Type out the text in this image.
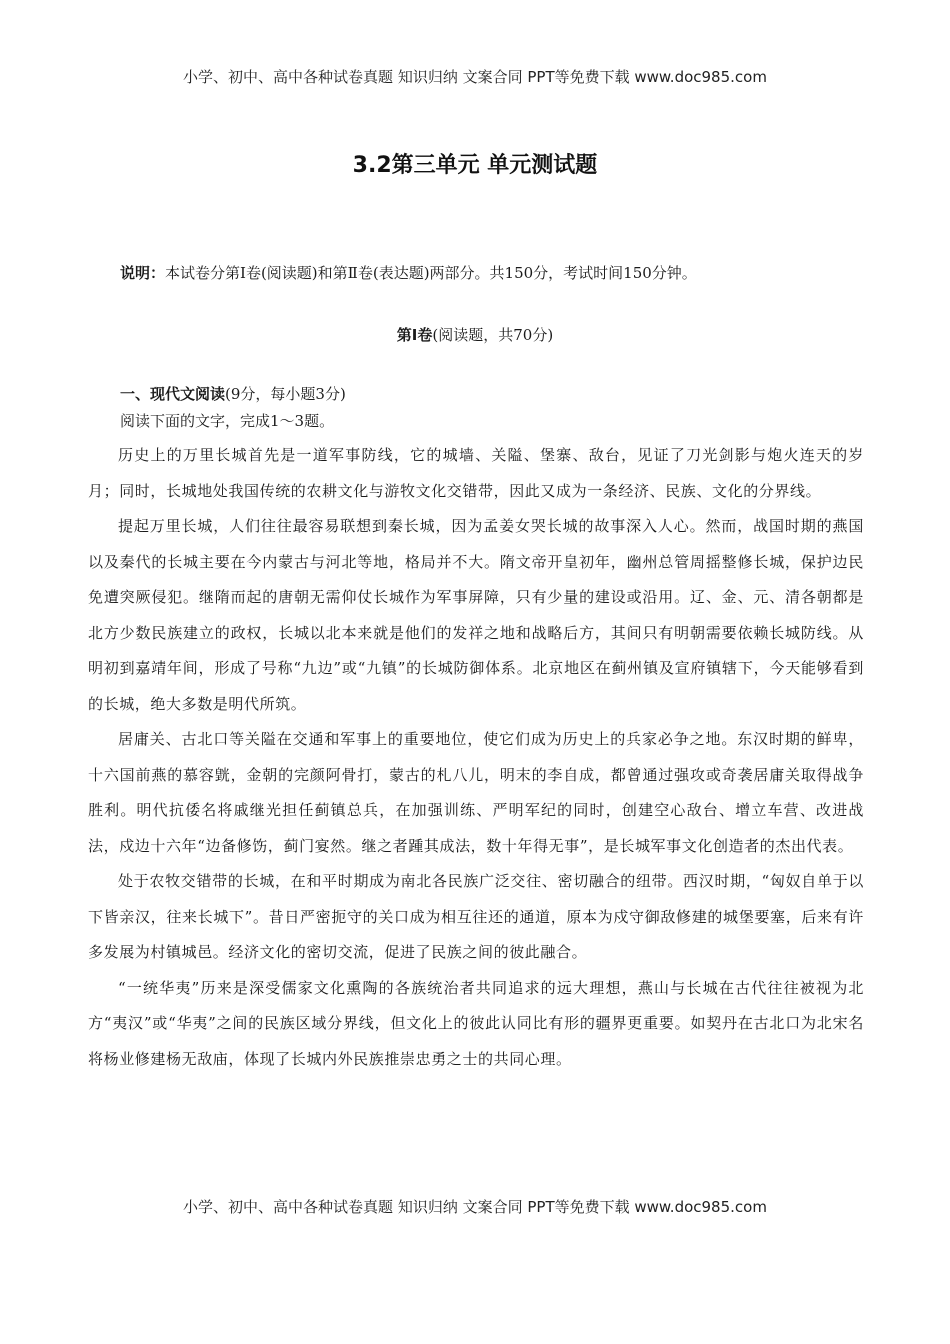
小学、初中、高中各种试卷真题 知识归纳 文案合同 PPT等免费下载 www.doc985.com
3.2第三单元 单元测试题
说明：本试卷分第Ⅰ卷(阅读题)和第Ⅱ卷(表达题)两部分。共150分，考试时间150分钟。
第Ⅰ卷(阅读题，共70分)
一、现代文阅读(9分，每小题3分)
阅读下面的文字，完成1～3题。

历史上的万里长城首先是一道军事防线，它的城墙、关隘、堡寨、敌台，见证了刀光剑影与炮火连天的岁月；同时，长城地处我国传统的农耕文化与游牧文化交错带，因此又成为一条经济、民族、文化的分界线。

提起万里长城，人们往往最容易联想到秦长城，因为孟姜女哭长城的故事深入人心。然而，战国时期的燕国以及秦代的长城主要在今内蒙古与河北等地，格局并不大。隋文帝开皇初年，幽州总管周摇整修长城，保护边民免遭突厥侵犯。继隋而起的唐朝无需仰仗长城作为军事屏障，只有少量的建设或沿用。辽、金、元、清各朝都是北方少数民族建立的政权，长城以北本来就是他们的发祥之地和战略后方，其间只有明朝需要依赖长城防线。从明初到嘉靖年间，形成了号称“九边”或“九镇”的长城防御体系。北京地区在蓟州镇及宣府镇辖下，今天能够看到的长城，绝大多数是明代所筑。

居庸关、古北口等关隘在交通和军事上的重要地位，使它们成为历史上的兵家必争之地。东汉时期的鲜卑，十六国前燕的慕容皝，金朝的完颜阿骨打，蒙古的札八儿，明末的李自成，都曾通过强攻或奇袭居庸关取得战争胜利。明代抗倭名将戚继光担任蓟镇总兵，在加强训练、严明军纪的同时，创建空心敌台、增立车营、改进战法，戍边十六年“边备修饬，蓟门宴然。继之者踵其成法，数十年得无事”，是长城军事文化创造者的杰出代表。

处于农牧交错带的长城，在和平时期成为南北各民族广泛交往、密切融合的纽带。西汉时期，“匈奴自单于以下皆亲汉，往来长城下”。昔日严密扼守的关口成为相互往还的通道，原本为戍守御敌修建的城堡要塞，后来有许多发展为村镇城邑。经济文化的密切交流，促进了民族之间的彼此融合。

“一统华夷”历来是深受儒家文化熏陶的各族统治者共同追求的远大理想，燕山与长城在古代往往被视为北方“夷汉”或“华夷”之间的民族区域分界线，但文化上的彼此认同比有形的疆界更重要。如契丹在古北口为北宋名将杨业修建杨无敌庙，体现了长城内外民族推崇忠勇之士的共同心理。

小学、初中、高中各种试卷真题 知识归纳 文案合同 PPT等免费下载 www.doc985.com
